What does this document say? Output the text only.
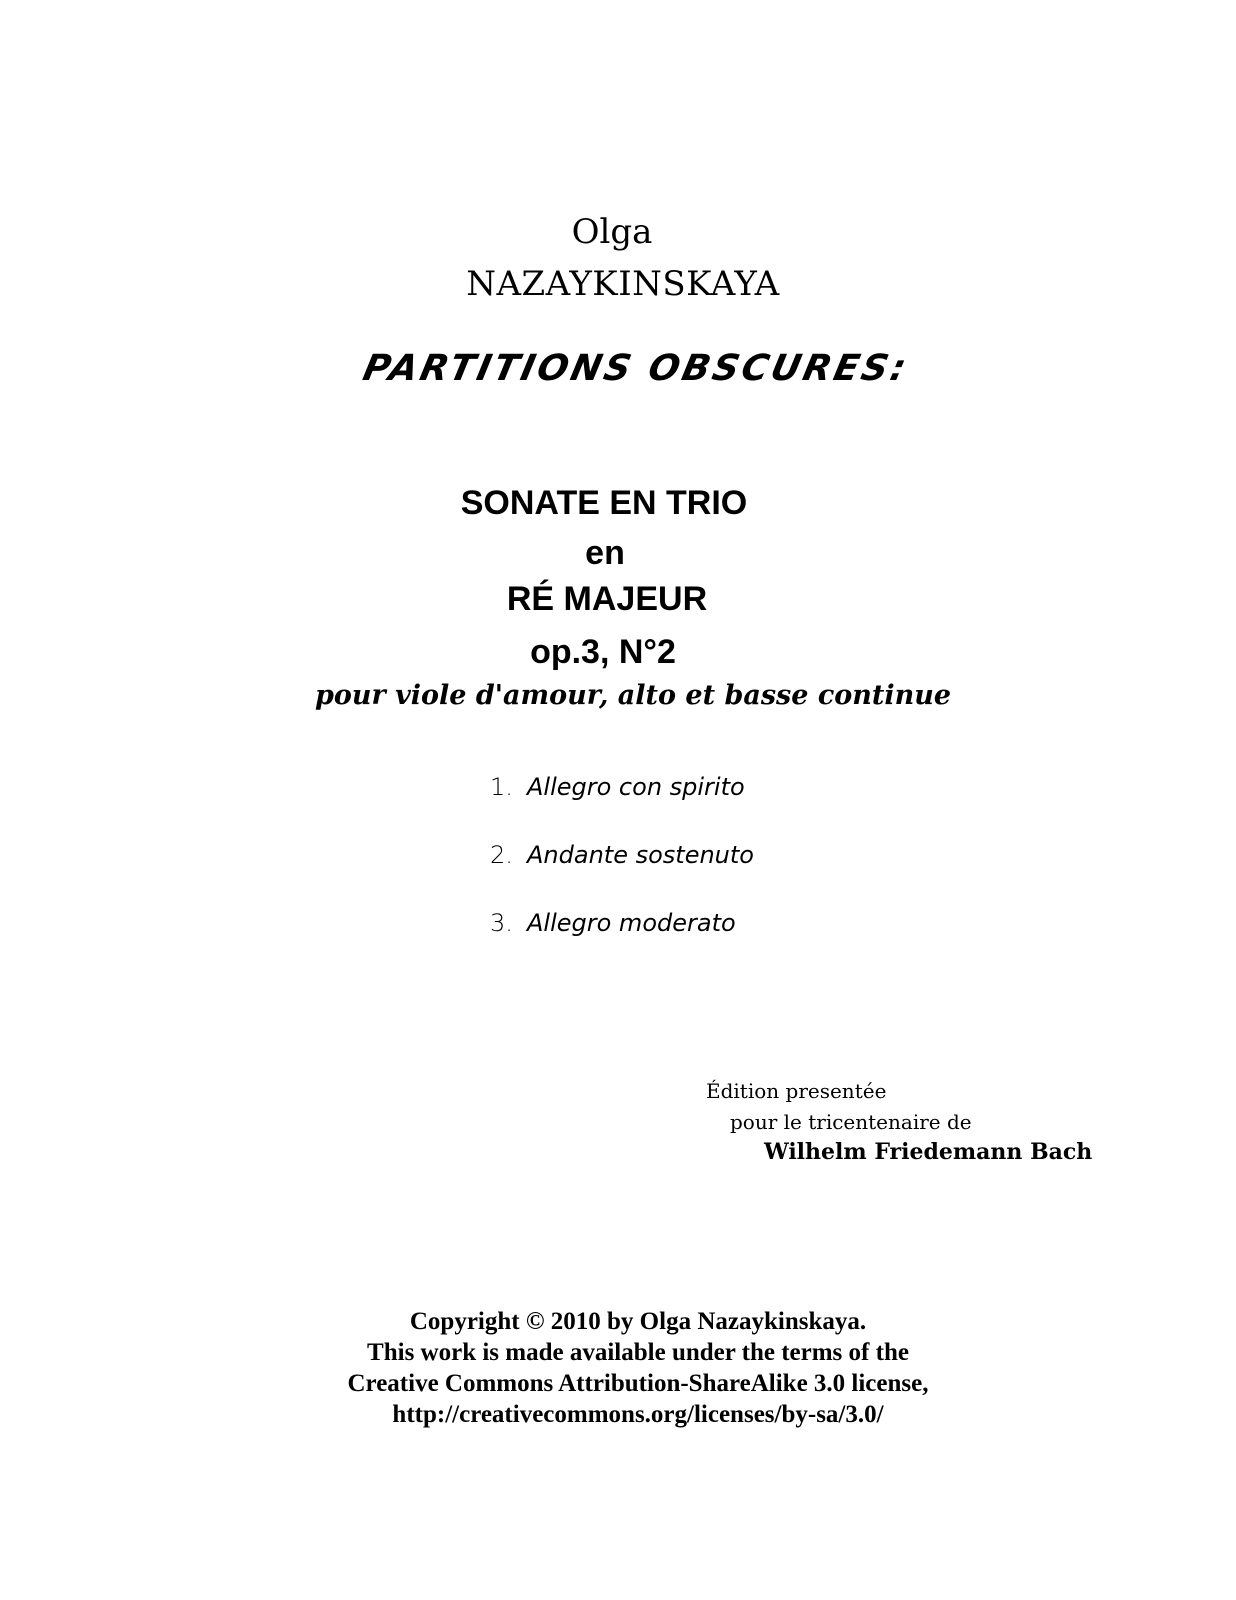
Olga
NAZAYKINSKAYA
PARTITIONS OBSCURES:
SONATE EN TRIO
en
RÉ MAJEUR
op.3, N°2
pour viole d'amour, alto et basse continue
1. Allegro con spirito
2. Andante sostenuto
3. Allegro moderato
Édition presentée
pour le tricentenaire de
Wilhelm Friedemann Bach
Copyright © 2010 by Olga Nazaykinskaya.
This work is made available under the terms of the
Creative Commons Attribution-ShareAlike 3.0 license,
http://creativecommons.org/licenses/by-sa/3.0/
